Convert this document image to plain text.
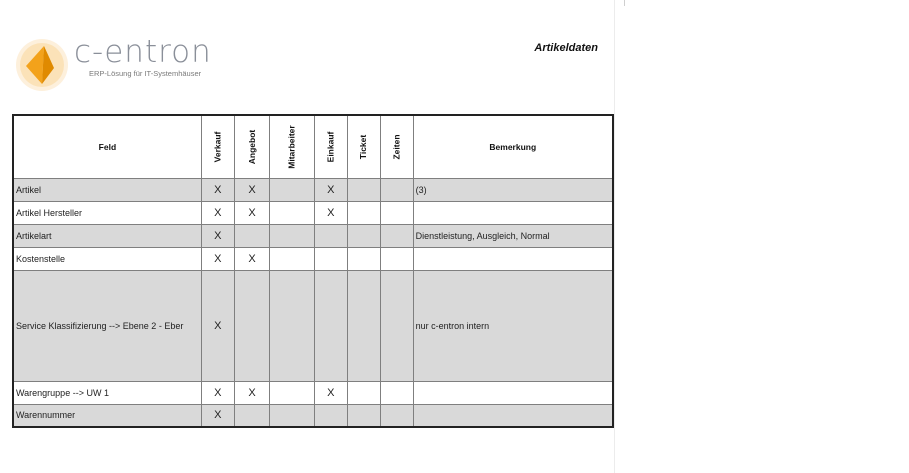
c-entron
ERP-Lösung für IT-Systemhäuser
Artikeldaten
Feld	Verkauf	Angebot	Mitarbeiter	Einkauf	Ticket	Zeiten	Bemerkung
Artikel	X	X		X			(3)
Artikel Hersteller	X	X		X			
Artikelart	X						Dienstleistung, Ausgleich, Normal
Kostenstelle	X	X					
Service Klassifizierung --> Ebene 2 - Eber	X						nur c-entron intern
Warengruppe --> UW 1	X	X		X			
Warennummer	X						
